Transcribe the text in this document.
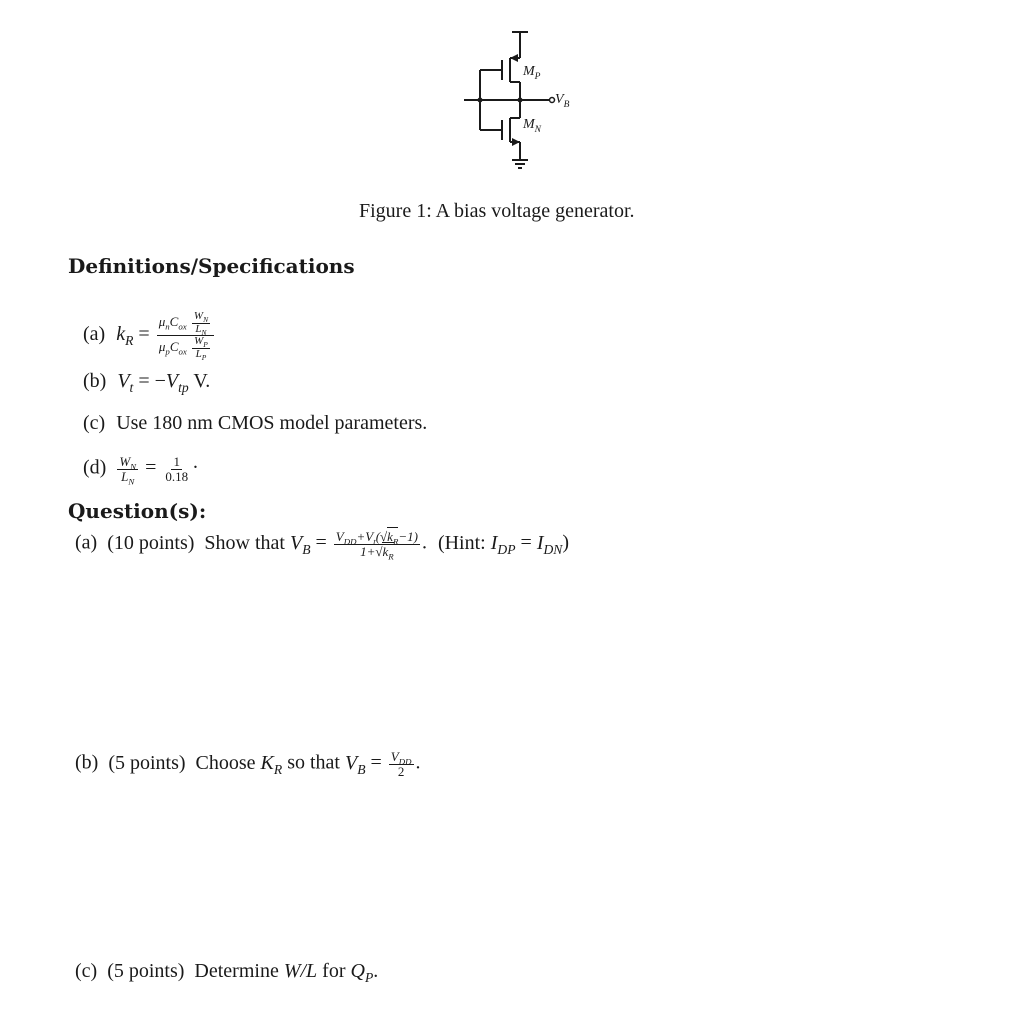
$M_P$
$V_B$
$M_N$
Figure 1: A bias voltage generator.
Definitions/Specifications
(a) $k_R = \frac{\mu_nC_{ox} \frac{W_N}{L_N}}{\mu_pC_{ox} \frac{W_P}{L_P}}$
(b) $V_t = -V_{tp}$ V.
(c) Use 180 nm CMOS model parameters.
$(d) \frac{W_N}{L_N} = \frac{1}{0.18}$ ·
Question(s):
(a) (10 points) Show that $V_B = \frac{V_{DD}+V_t(√k_R-1)}{1+√k_R}$ . (Hint: $I_{DP} = I_{DN}$)
(b) (5 points) Choose $K_R$ so that $V_B = \frac{V_{DD}}{2}$ .
(c) (5 points) Determine W/L for $Q_P$.
